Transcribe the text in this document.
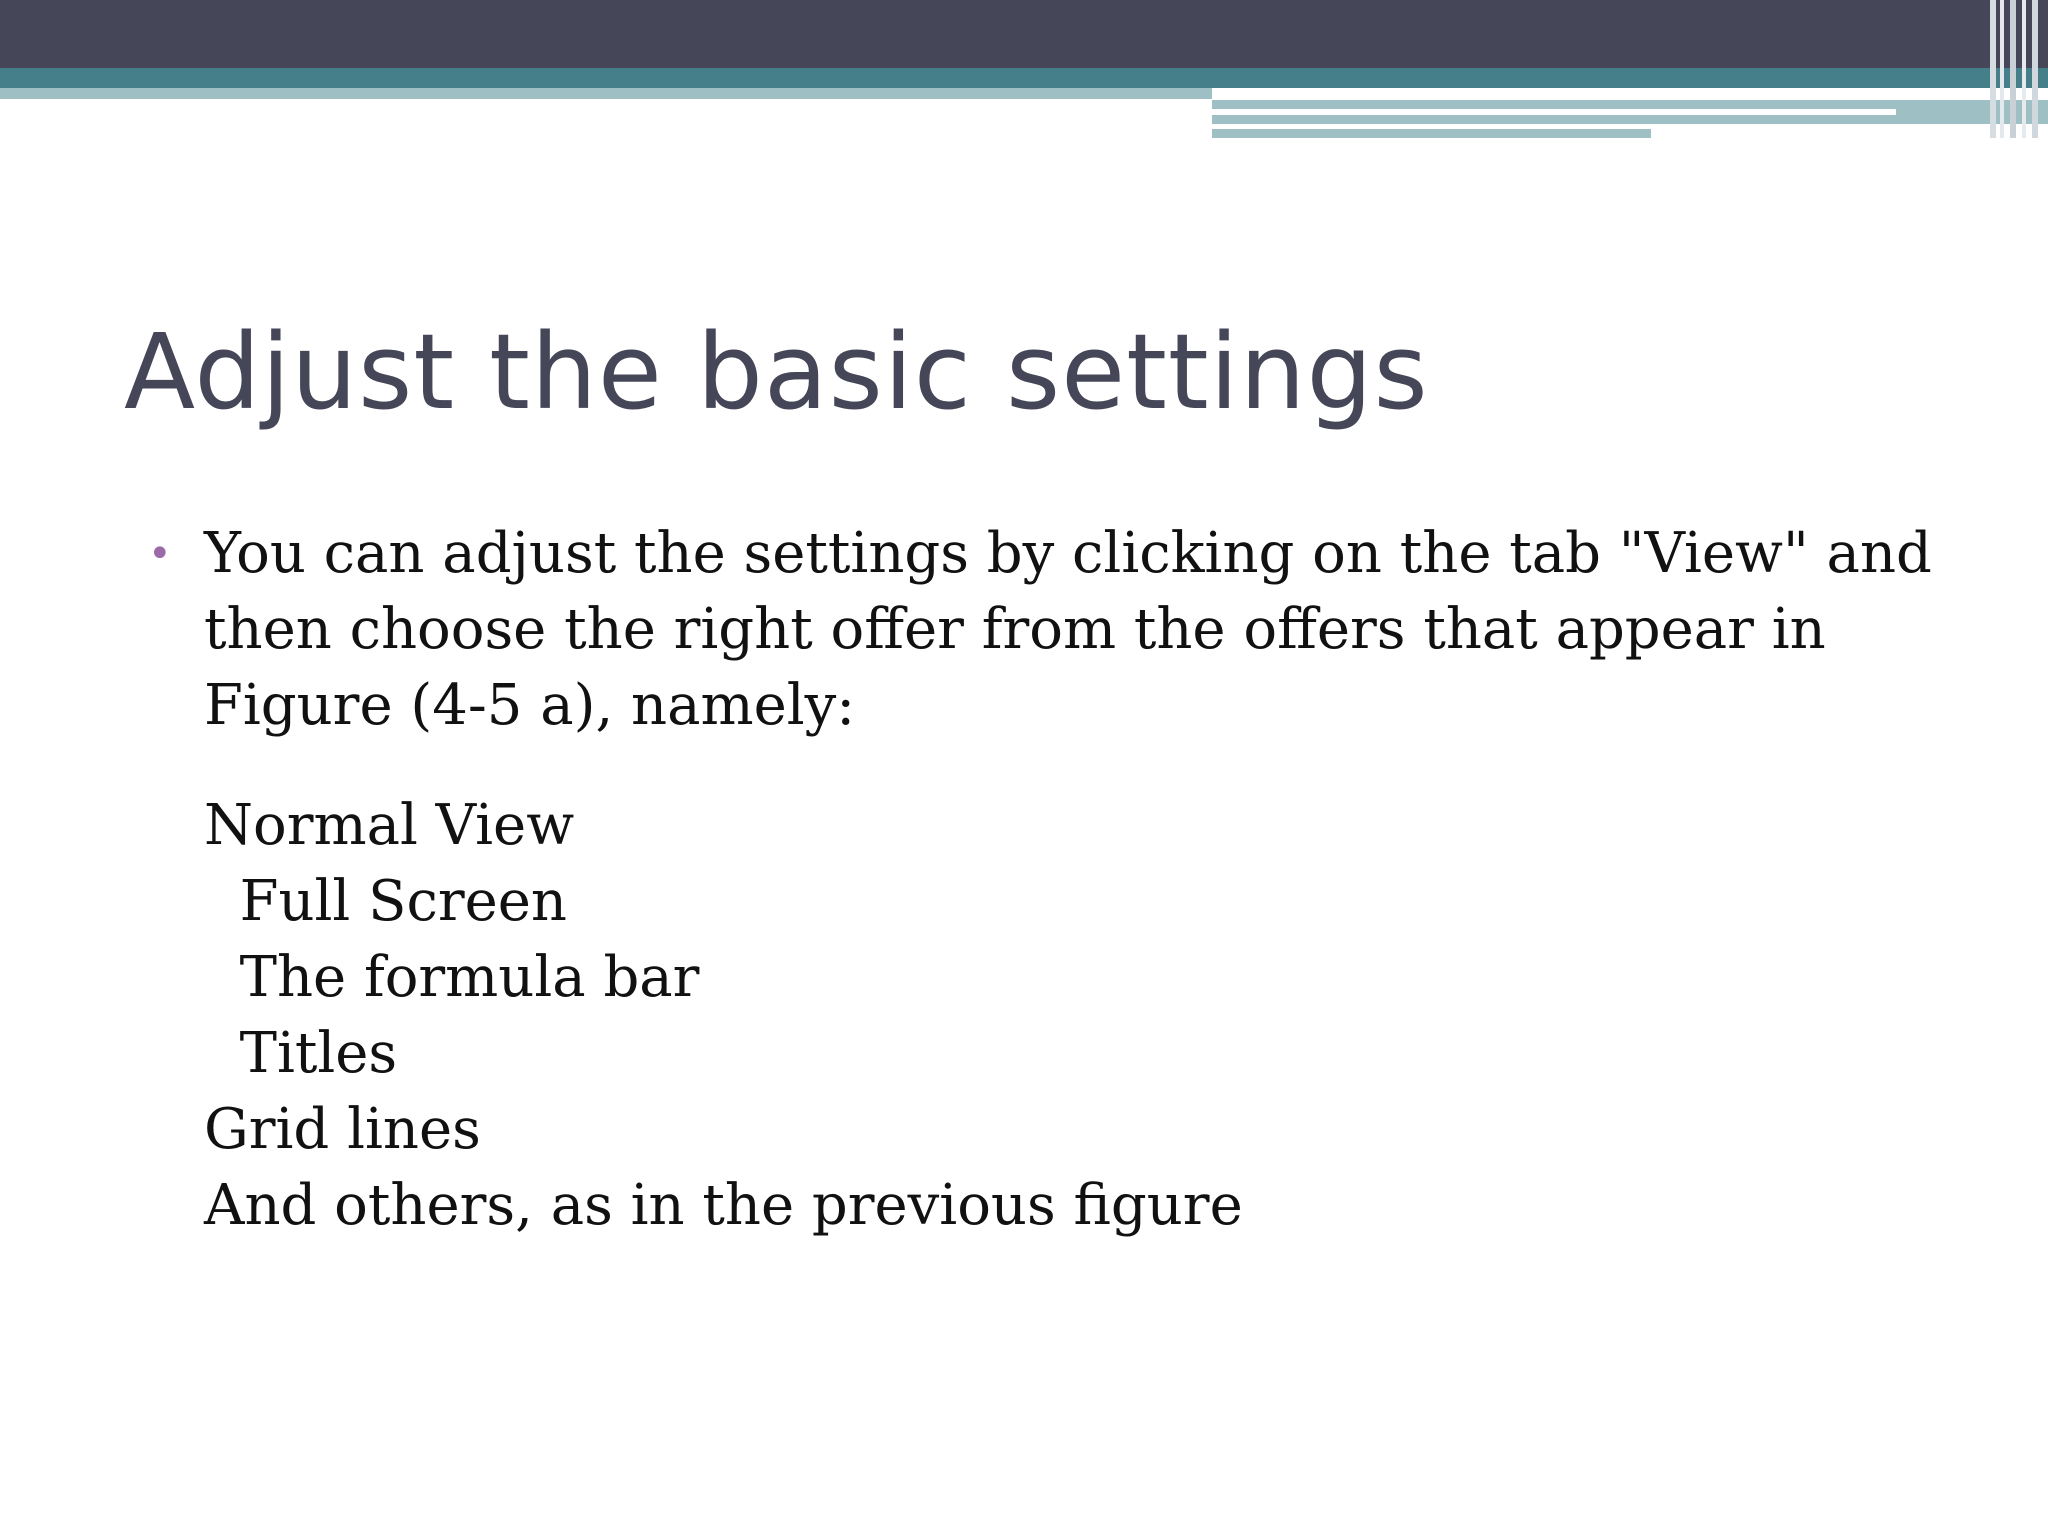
Adjust the basic settings
• You can adjust the settings by clicking on the tab "View" and then choose the right offer from the offers that appear in Figure (4-5 a), namely:

Normal View
Full Screen
The formula bar
Titles
Grid lines
And others, as in the previous figure
